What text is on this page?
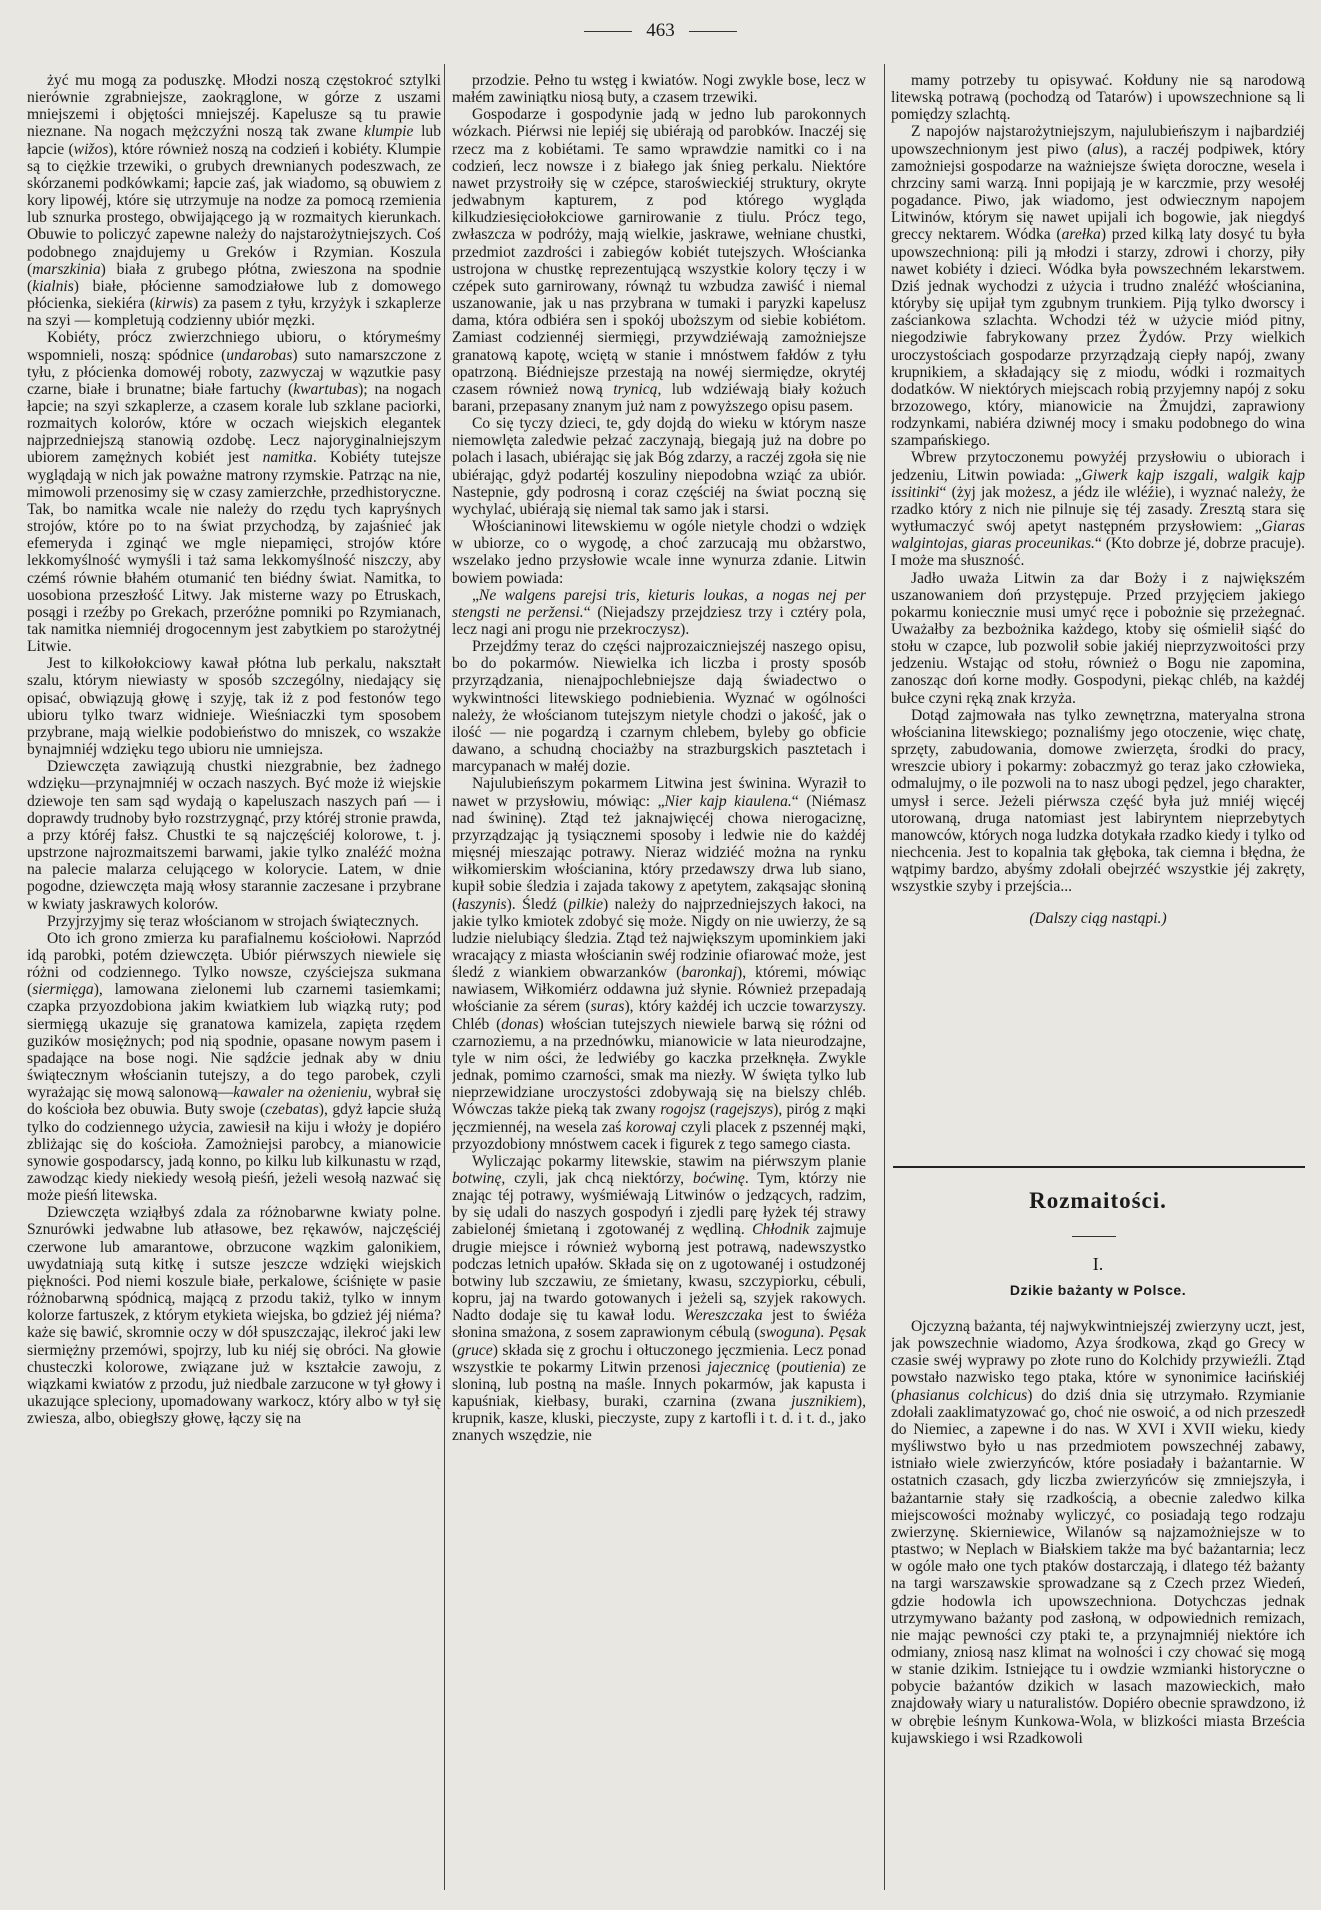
463

żyć mu mogą za poduszkę. Młodzi noszą częstokroć sztylki nierównie zgrabniejsze, zaokrąglone, w górze z uszami mniejszemi i objętości mniejszéj. Kapelusze są tu prawie nieznane. Na nogach mężczyźni noszą tak zwane klumpie lub łapcie (wižos), które również noszą na codzień i kobiéty. Klumpie są to ciężkie trzewiki, o grubych drewnianych podeszwach, ze skórzanemi podkówkami; łapcie zaś, jak wiadomo, są obuwiem z kory lipowéj, które się utrzymuje na nodze za pomocą rzemienia lub sznurka prostego, obwijającego ją w rozmaitych kierunkach. Obuwie to policzyć zapewne należy do najstarożytniejszych. Coś podobnego znajdujemy u Greków i Rzymian. Koszula (marszkinia) biała z grubego płótna, zwieszona na spodnie (kialnis) białe, płócienne samodziałowe lub z domowego płócienka, siekiéra (kirwis) za pasem z tyłu, krzyżyk i szkaplerze na szyi — kompletują codzienny ubiór męzki.

Kobiéty, prócz zwierzchniego ubioru, o którymeśmy wspomnieli, noszą: spódnice (undarobas) suto namarszczone z tyłu, z płócienka domowéj roboty, zazwyczaj w wązutkie pasy czarne, białe i brunatne; białe fartuchy (kwartubas); na nogach łapcie; na szyi szkaplerze, a czasem korale lub szklane paciorki, rozmaitych kolorów, które w oczach wiejskich elegantek najprzedniejszą stanowią ozdobę. Lecz najoryginalniejszym ubiorem zamężnych kobiét jest namitka. Kobiéty tutejsze wyglądają w nich jak poważne matrony rzymskie. Patrząc na nie, mimowoli przenosimy się w czasy zamierzchłe, przedhistoryczne. Tak, bo namitka wcale nie należy do rzędu tych kapryśnych strojów, które po to na świat przychodzą, by zajaśnieć jak efemeryda i zginąć we mgle niepamięci, strojów które lekkomyślność wymyśli i taż sama lekkomyślność niszczy, aby czémś równie błahém otumanić ten biédny świat. Namitka, to uosobiona przeszłość Litwy. Jak misterne wazy po Etruskach, posągi i rzeźby po Grekach, przeróżne pomniki po Rzymianach, tak namitka niemniéj drogocennym jest zabytkiem po starożytnéj Litwie.

Jest to kilkołokciowy kawał płótna lub perkalu, nakształt szalu, którym niewiasty w sposób szczególny, niedający się opisać, obwiązują głowę i szyję, tak iż z pod festonów tego ubioru tylko twarz widnieje. Wieśniaczki tym sposobem przybrane, mają wielkie podobieństwo do mniszek, co wszakże bynajmniéj wdzięku tego ubioru nie umniejsza.

Dziewczęta zawiązują chustki niezgrabnie, bez żadnego wdzięku—przynajmniéj w oczach naszych. Być może iż wiejskie dziewoje ten sam sąd wydają o kapeluszach naszych pań — i doprawdy trudnoby było rozstrzygnąć, przy któréj stronie prawda, a przy któréj fałsz. Chustki te są najczęściéj kolorowe, t. j. upstrzone najrozmaitszemi barwami, jakie tylko znaléźć można na palecie malarza celującego w kolorycie. Latem, w dnie pogodne, dziewczęta mają włosy starannie zaczesane i przybrane w kwiaty jaskrawych kolorów.

Przyjrzyjmy się teraz włościanom w strojach świątecznych.

Oto ich grono zmierza ku parafialnemu kościołowi. Naprzód idą parobki, potém dziewczęta. Ubiór piérwszych niewiele się różni od codziennego. Tylko nowsze, czyściejsza sukmana (siermięga), lamowana zielonemi lub czarnemi tasiemkami; czapka przyozdobiona jakim kwiatkiem lub wiązką ruty; pod siermięgą ukazuje się granatowa kamizela, zapięta rzędem guzików mosiężnych; pod nią spodnie, opasane nowym pasem i spadające na bose nogi. Nie sądźcie jednak aby w dniu świątecznym włościanin tutejszy, a do tego parobek, czyli wyrażając się mową salonową—kawaler na ożenieniu, wybrał się do kościoła bez obuwia. Buty swoje (czebatas), gdyż łapcie służą tylko do codziennego użycia, zawiesił na kiju i włoży je dopiéro zbliżając się do kościoła. Zamożniejsi parobcy, a mianowicie synowie gospodarscy, jadą konno, po kilku lub kilkunastu w rząd, zawodząc kiedy niekiedy wesołą pieśń, jeżeli wesołą nazwać się może pieśń litewska.

Dziewczęta wziąłbyś zdala za różnobarwne kwiaty polne. Sznurówki jedwabne lub atłasowe, bez rękawów, najczęściéj czerwone lub amarantowe, obrzucone wązkim galonikiem, uwydatniają sutą kitkę i sutsze jeszcze wdzięki wiejskich piękności. Pod niemi koszule białe, perkalowe, ściśnięte w pasie różnobarwną spódnicą, mającą z przodu takiż, tylko w innym kolorze fartuszek, z którym etykieta wiejska, bo gdzież jéj niéma? każe się bawić, skromnie oczy w dół spuszczając, ilekroć jaki lew siermiężny przemówi, spojrzy, lub ku niéj się obróci. Na głowie chusteczki kolorowe, związane już w kształcie zawoju, z wiązkami kwiatów z przodu, już niedbale zarzucone w tył głowy i ukazujące spleciony, upomadowany warkocz, który albo w tył się zwiesza, albo, obiegłszy głowę, łączy się na

przodzie. Pełno tu wstęg i kwiatów. Nogi zwykle bose, lecz w małém zawiniątku niosą buty, a czasem trzewiki.

Gospodarze i gospodynie jadą w jedno lub parokonnych wózkach. Piérwsi nie lepiéj się ubiérają od parobków. Inaczéj się rzecz ma z kobiétami. Te samo wprawdzie namitki co i na codzień, lecz nowsze i z białego jak śnieg perkalu. Niektóre nawet przystroiły się w czépce, staroświeckiéj struktury, okryte jedwabnym kapturem, z pod którego wygląda kilkudziesięciołokciowe garnirowanie z tiulu. Prócz tego, zwłaszcza w podróży, mają wielkie, jaskrawe, wełniane chustki, przedmiot zazdrości i zabiegów kobiét tutejszych. Włościanka ustrojona w chustkę reprezentującą wszystkie kolory tęczy i w czépek suto garnirowany, równąż tu wzbudza zawiść i niemal uszanowanie, jak u nas przybrana w tumaki i paryzki kapelusz dama, która odbiéra sen i spokój uboższym od siebie kobiétom. Zamiast codziennéj siermięgi, przywdziéwają zamożniejsze granatową kapotę, wciętą w stanie i mnóstwem fałdów z tyłu opatrzoną. Biédniejsze przestają na nowéj siermiędze, okrytéj czasem również nową trynicą, lub wdziéwają biały kożuch barani, przepasany znanym już nam z powyższego opisu pasem.

Co się tyczy dzieci, te, gdy dojdą do wieku w którym nasze niemowlęta zaledwie pełzać zaczynają, biegają już na dobre po polach i lasach, ubiérając się jak Bóg zdarzy, a raczéj zgoła się nie ubiérając, gdyż podartéj koszuliny niepodobna wziąć za ubiór. Nastepnie, gdy podrosną i coraz częściéj na świat poczną się wychylać, ubiérają się niemal tak samo jak i starsi.

Włościaninowi litewskiemu w ogóle nietyle chodzi o wdzięk w ubiorze, co o wygodę, a choć zarzucają mu obżarstwo, wszelako jedno przysłowie wcale inne wynurza zdanie. Litwin bowiem powiada:

„Ne walgens parejsi tris, kieturis loukas, a nogas nej per stengsti ne peržensi.“ (Niejadszy przejdziesz trzy i cztéry pola, lecz nagi ani progu nie przekroczysz).

Przejdźmy teraz do części najprozaiczniejszéj naszego opisu, bo do pokarmów. Niewielka ich liczba i prosty sposób przyrządzania, nienajpochlebniejsze dają świadectwo o wykwintności litewskiego podniebienia. Wyznać w ogólności należy, że włościanom tutejszym nietyle chodzi o jakość, jak o ilość — nie pogardzą i czarnym chlebem, byleby go obficie dawano, a schudną chociażby na strazburgskich pasztetach i marcypanach w małéj dozie.

Najulubieńszym pokarmem Litwina jest świnina. Wyraził to nawet w przysłowiu, mówiąc: „Nier kajp kiaulena.“ (Niémasz nad świninę). Ztąd też jaknajwięcéj chowa nierogaciznę, przyrządzając ją tysiącznemi sposoby i ledwie nie do każdéj mięsnéj mieszając potrawy. Nieraz widziéć można na rynku wiłkomierskim włościanina, który przedawszy drwa lub siano, kupił sobie śledzia i zajada takowy z apetytem, zakąsając słoniną (łaszynis). Śledź (pilkie) należy do najprzedniejszych łakoci, na jakie tylko kmiotek zdobyć się może. Nigdy on nie uwierzy, że są ludzie nielubiący śledzia. Ztąd też największym upominkiem jaki wracający z miasta włościanin swéj rodzinie ofiarować może, jest śledź z wiankiem obwarzanków (baronkaj), któremi, mówiąc nawiasem, Wiłkomiérz oddawna już słynie. Również przepadają włościanie za sérem (suras), który każdéj ich uczcie towarzyszy. Chléb (donas) włościan tutejszych niewiele barwą się różni od czarnoziemu, a na przednówku, mianowicie w lata nieurodzajne, tyle w nim ości, że ledwiéby go kaczka przełknęła. Zwykle jednak, pomimo czarności, smak ma niezły. W święta tylko lub nieprzewidziane uroczystości zdobywają się na bielszy chléb. Wówczas także pieką tak zwany rogojsz (ragejszys), piróg z mąki jęczmiennéj, na wesela zaś korowaj czyli placek z pszennéj mąki, przyozdobiony mnóstwem cacek i figurek z tego samego ciasta.

Wyliczając pokarmy litewskie, stawim na piérwszym planie botwinę, czyli, jak chcą niektórzy, boćwinę. Tym, którzy nie znając téj potrawy, wyśmiéwają Litwinów o jedzących, radzim, by się udali do naszych gospodyń i zjedli parę łyżek téj strawy zabielonéj śmietaną i zgotowanéj z wędliną. Chłodnik zajmuje drugie miejsce i również wyborną jest potrawą, nadewszystko podczas letnich upałów. Składa się on z ugotowanéj i ostudzonéj botwiny lub szczawiu, ze śmietany, kwasu, szczypiorku, cébuli, kopru, jaj na twardo gotowanych i jeżeli są, szyjek rakowych. Nadto dodaje się tu kawał lodu. Wereszczaka jest to świéża słonina smażona, z sosem zaprawionym cébulą (swoguna). Pęsak (gruce) składa się z grochu i ołtuczonego jęczmienia. Lecz ponad wszystkie te pokarmy Litwin przenosi jajecznicę (poutienia) ze sloniną, lub postną na maśle. Innych pokarmów, jak kapusta i kapuśniak, kiełbasy, buraki, czarnina (zwana jusznikiem), krupnik, kasze, kluski, pieczyste, zupy z kartofli i t. d. i t. d., jako znanych wszędzie, nie

mamy potrzeby tu opisywać. Kołduny nie są narodową litewską potrawą (pochodzą od Tatarów) i upowszechnione są li pomiędzy szlachtą.

Z napojów najstarożytniejszym, najulubieńszym i najbardziéj upowszechnionym jest piwo (alus), a raczéj podpiwek, który zamożniejsi gospodarze na ważniejsze święta doroczne, wesela i chrzciny sami warzą. Inni popijają je w karczmie, przy wesołéj pogadance. Piwo, jak wiadomo, jest odwiecznym napojem Litwinów, którym się nawet upijali ich bogowie, jak niegdyś greccy nektarem. Wódka (arełka) przed kilką laty dosyć tu była upowszechnioną: pili ją młodzi i starzy, zdrowi i chorzy, piły nawet kobiéty i dzieci. Wódka była powszechném lekarstwem. Dziś jednak wychodzi z użycia i trudno znaléźć włościanina, któryby się upijał tym zgubnym trunkiem. Piją tylko dworscy i zaściankowa szlachta. Wchodzi téż w użycie miód pitny, niegodziwie fabrykowany przez Żydów. Przy wielkich uroczystościach gospodarze przyrządzają ciepły napój, zwany krupnikiem, a składający się z miodu, wódki i rozmaitych dodatków. W niektórych miejscach robią przyjemny napój z soku brzozowego, który, mianowicie na Żmujdzi, zaprawiony rodzynkami, nabiéra dziwnéj mocy i smaku podobnego do wina szampańskiego.

Wbrew przytoczonemu powyżéj przysłowiu o ubiorach i jedzeniu, Litwin powiada: „Giwerk kajp iszgali, walgik kajp issitinki“ (żyj jak możesz, a jédz ile wléźie), i wyznać należy, że rzadko który z nich nie pilnuje się téj zasady. Zresztą stara się wytłumaczyć swój apetyt następném przysłowiem: „Giaras walgintojas, giaras proceunikas.“ (Kto dobrze jé, dobrze pracuje). I może ma słuszność.

Jadło uważa Litwin za dar Boży i z największém uszanowaniem doń przystępuje. Przed przyjęciem jakiego pokarmu koniecznie musi umyć ręce i pobożnie się przeżegnać. Uważałby za bezbożnika każdego, ktoby się ośmielił siąść do stołu w czapce, lub pozwolił sobie jakiéj nieprzyzwoitości przy jedzeniu. Wstając od stołu, również o Bogu nie zapomina, zanosząc doń korne modły. Gospodyni, piekąc chléb, na każdéj bułce czyni ręką znak krzyża.

Dotąd zajmowała nas tylko zewnętrzna, materyalna strona włościanina litewskiego; poznaliśmy jego otoczenie, więc chatę, sprzęty, zabudowania, domowe zwierzęta, środki do pracy, wreszcie ubiory i pokarmy: zobaczmyż go teraz jako człowieka, odmalujmy, o ile pozwoli na to nasz ubogi pędzel, jego charakter, umysł i serce. Jeżeli piérwsza część była już mniéj więcéj utorowaną, druga natomiast jest labiryntem nieprzebytych manowców, których noga ludzka dotykała rzadko kiedy i tylko od niechcenia. Jest to kopalnia tak głęboka, tak ciemna i błędna, że wątpimy bardzo, abyśmy zdołali obejrzéć wszystkie jéj zakręty, wszystkie szyby i przejścia...

(Dalszy ciąg nastąpi.)

Rozmaitości.
I.
Dzikie bażanty w Polsce.

Ojczyzną bażanta, téj najwykwintniejszéj zwierzyny uczt, jest, jak powszechnie wiadomo, Azya środkowa, zkąd go Grecy w czasie swéj wyprawy po złote runo do Kolchidy przywieźli. Ztąd powstało nazwisko tego ptaka, które w synonimice łacińskiéj (phasianus colchicus) do dziś dnia się utrzymało. Rzymianie zdołali zaaklimatyzować go, choć nie oswoić, a od nich przeszedł do Niemiec, a zapewne i do nas. W XVI i XVII wieku, kiedy myśliwstwo było u nas przedmiotem powszechnéj zabawy, istniało wiele zwierzyńców, które posiadały i bażantarnie. W ostatnich czasach, gdy liczba zwierzyńców się zmniejszyła, i bażantarnie stały się rzadkością, a obecnie zaledwo kilka miejscowości możnaby wyliczyć, co posiadają tego rodzaju zwierzynę. Skierniewice, Wilanów są najzamożniejsze w to ptastwo; w Neplach w Białskiem także ma być bażantarnia; lecz w ogóle mało one tych ptaków dostarczają, i dlatego téż bażanty na targi warszawskie sprowadzane są z Czech przez Wiedeń, gdzie hodowla ich upowszechniona. Dotychczas jednak utrzymywano bażanty pod zasłoną, w odpowiednich remizach, nie mając pewności czy ptaki te, a przynajmniéj niektóre ich odmiany, zniosą nasz klimat na wolności i czy chować się mogą w stanie dzikim. Istniejące tu i owdzie wzmianki historyczne o pobycie bażantów dzikich w lasach mazowieckich, mało znajdowały wiary u naturalistów. Dopiéro obecnie sprawdzono, iż w obrębie leśnym Kunkowa-Wola, w blizkości miasta Brześcia kujawskiego i wsi Rzadkowoli
